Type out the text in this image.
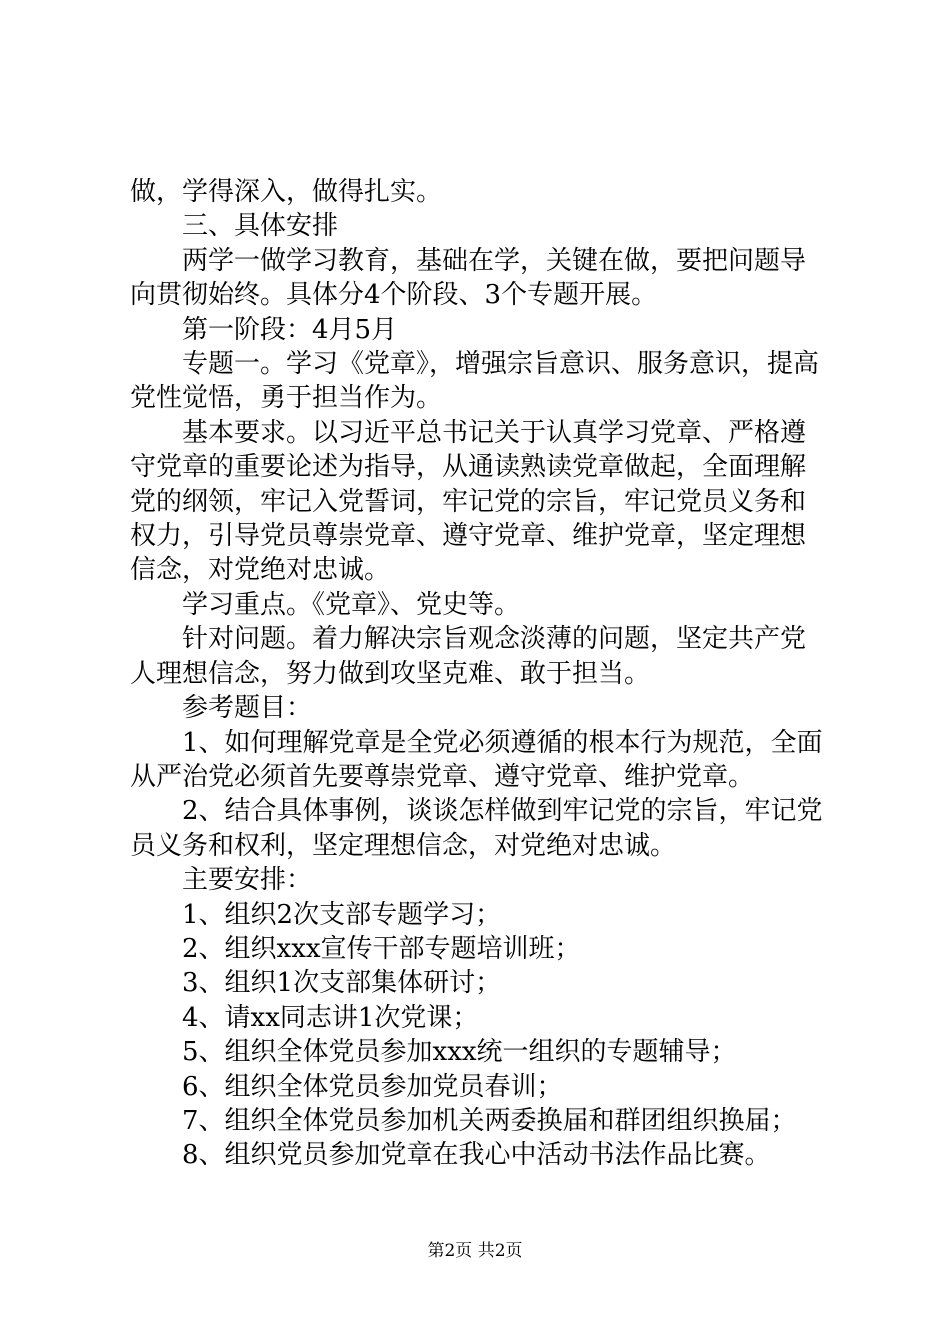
做，学得深入，做得扎实。

三、具体安排

两学一做学习教育，基础在学，关键在做，要把问题导向贯彻始终。具体分4个阶段、3个专题开展。

第一阶段：4月5月

专题一。学习《党章》，增强宗旨意识、服务意识，提高党性觉悟，勇于担当作为。

基本要求。以习近平总书记关于认真学习党章、严格遵守党章的重要论述为指导，从通读熟读党章做起，全面理解党的纲领，牢记入党誓词，牢记党的宗旨，牢记党员义务和权力，引导党员尊崇党章、遵守党章、维护党章，坚定理想信念，对党绝对忠诚。

学习重点。《党章》、党史等。

针对问题。着力解决宗旨观念淡薄的问题，坚定共产党人理想信念，努力做到攻坚克难、敢于担当。

参考题目：

1、如何理解党章是全党必须遵循的根本行为规范，全面从严治党必须首先要尊崇党章、遵守党章、维护党章。

2、结合具体事例，谈谈怎样做到牢记党的宗旨，牢记党员义务和权利，坚定理想信念，对党绝对忠诚。

主要安排：

1、组织2次支部专题学习；

2、组织xxx宣传干部专题培训班；

3、组织1次支部集体研讨；

4、请xx同志讲1次党课；

5、组织全体党员参加xxx统一组织的专题辅导；

6、组织全体党员参加党员春训；

7、组织全体党员参加机关两委换届和群团组织换届；

8、组织党员参加党章在我心中活动书法作品比赛。

第2页 共2页
